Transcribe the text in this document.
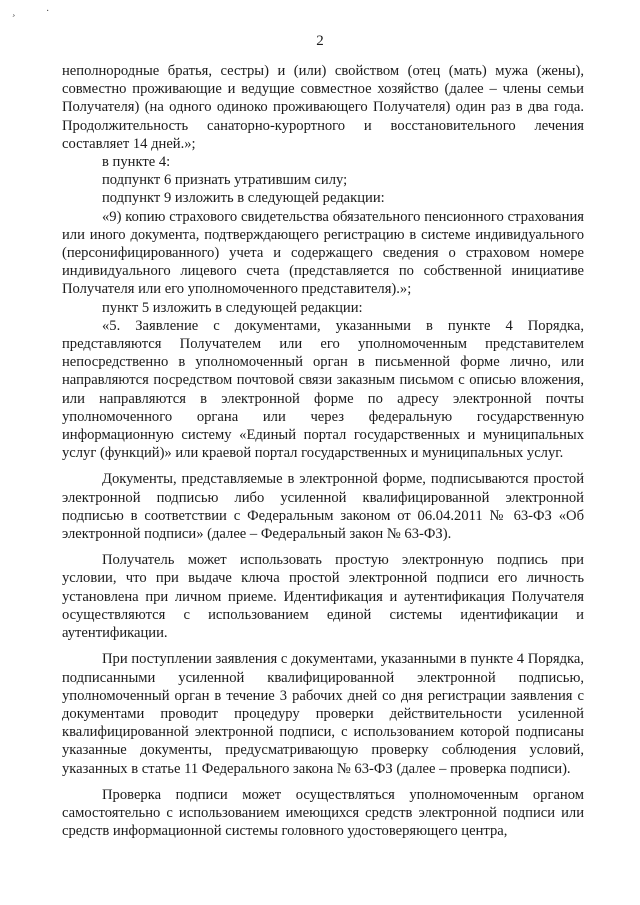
¸	·
2

неполнородные братья, сестры) и (или) свойством (отец (мать) мужа (жены), совместно проживающие и ведущие совместное хозяйство (далее – члены семьи Получателя) (на одного одиноко проживающего Получателя) один раз в два года. Продолжительность санаторно-курортного и восстановительного лечения составляет 14 дней.»;

в пункте 4:

подпункт 6 признать утратившим силу;

подпункт 9 изложить в следующей редакции:

«9) копию страхового свидетельства обязательного пенсионного страхования или иного документа, подтверждающего регистрацию в системе индивидуального (персонифицированного) учета и содержащего сведения о страховом номере индивидуального лицевого счета (представляется по собственной инициативе Получателя или его уполномоченного представителя).»;

пункт 5 изложить в следующей редакции:

«5. Заявление с документами, указанными в пункте 4 Порядка, представляются Получателем или его уполномоченным представителем непосредственно в уполномоченный орган в письменной форме лично, или направляются посредством почтовой связи заказным письмом с описью вложения, или направляются в электронной форме по адресу электронной почты уполномоченного органа или через федеральную государственную информационную систему «Единый портал государственных и муниципальных услуг (функций)» или краевой портал государственных и муниципальных услуг.

Документы, представляемые в электронной форме, подписываются простой электронной подписью либо усиленной квалифицированной электронной подписью в соответствии с Федеральным законом от 06.04.2011 № 63-ФЗ «Об электронной подписи» (далее – Федеральный закон № 63-ФЗ).

Получатель может использовать простую электронную подпись при условии, что при выдаче ключа простой электронной подписи его личность установлена при личном приеме. Идентификация и аутентификация Получателя осуществляются с использованием единой системы идентификации и аутентификации.

При поступлении заявления с документами, указанными в пункте 4 Порядка, подписанными усиленной квалифицированной электронной подписью, уполномоченный орган в течение 3 рабочих дней со дня регистрации заявления с документами проводит процедуру проверки действительности усиленной квалифицированной электронной подписи, с использованием которой подписаны указанные документы, предусматривающую проверку соблюдения условий, указанных в статье 11 Федерального закона № 63-ФЗ (далее – проверка подписи).

Проверка подписи может осуществляться уполномоченным органом самостоятельно с использованием имеющихся средств электронной подписи или средств информационной системы головного удостоверяющего центра,
